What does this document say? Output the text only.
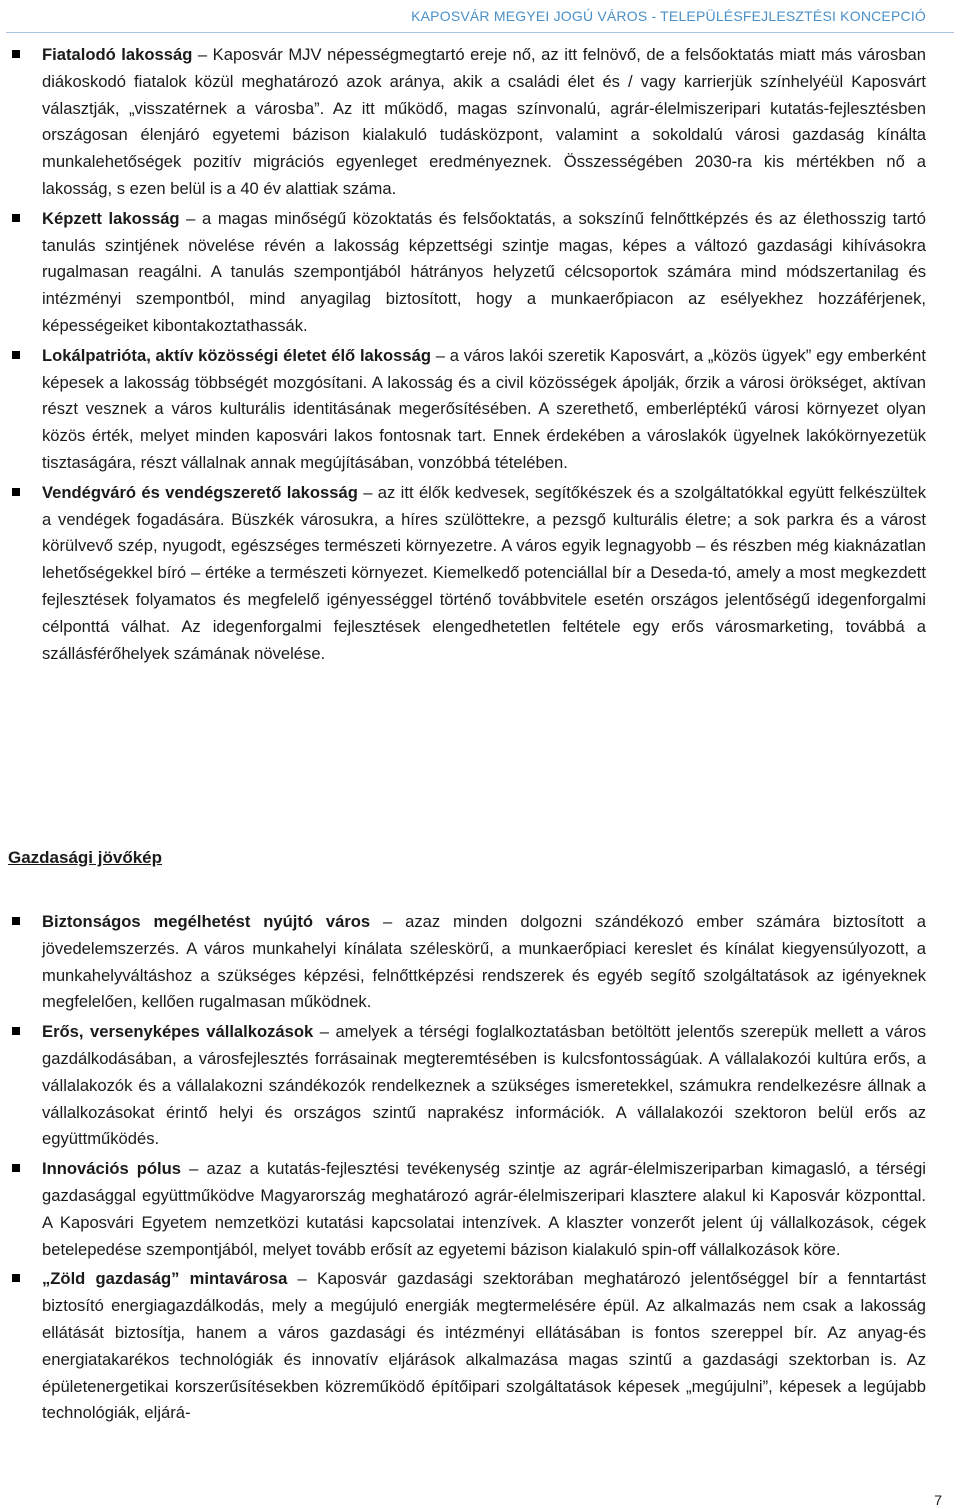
KAPOSVÁR MEGYEI JOGÚ VÁROS - TELEPÜLÉSFEJLESZTÉSI KONCEPCIÓ
Fiatalodó lakosság – Kaposvár MJV népességmegtartó ereje nő, az itt felnövő, de a felsőoktatás miatt más városban diákoskodó fiatalok közül meghatározó azok aránya, akik a családi élet és / vagy karrierjük színhelyéül Kaposvárt választják, „visszatérnek a városba”. Az itt működő, magas színvonalú, agrár-élelmiszeripari kutatás-fejlesztésben országosan élenjáró egyetemi bázison kialakuló tudásközpont, valamint a sokoldalú városi gazdaság kínálta munkalehetőségek pozitív migrációs egyenleget eredményeznek. Összességében 2030-ra kis mértékben nő a lakosság, s ezen belül is a 40 év alattiak száma.
Képzett lakosság – a magas minőségű közoktatás és felsőoktatás, a sokszínű felnőttképzés és az élethosszig tartó tanulás szintjének növelése révén a lakosság képzettségi szintje magas, képes a változó gazdasági kihívásokra rugalmasan reagálni. A tanulás szempontjából hátrányos helyzetű célcsoportok számára mind módszertanilag és intézményi szempontból, mind anyagilag biztosított, hogy a munkaerőpiacon az esélyekhez hozzáférjenek, képességeiket kibontakoztathassák.
Lokálpatrióta, aktív közösségi életet élő lakosság – a város lakói szeretik Kaposvárt, a „közös ügyek” egy emberként képesek a lakosság többségét mozgósítani. A lakosság és a civil közösségek ápolják, őrzik a városi örökséget, aktívan részt vesznek a város kulturális identitásának megerősítésében. A szerethető, emberléptékű városi környezet olyan közös érték, melyet minden kaposvári lakos fontosnak tart. Ennek érdekében a városlakók ügyelnek lakókörnyezetük tisztaságára, részt vállalnak annak megújításában, vonzóbbá tételében.
Vendégváró és vendégszerető lakosság – az itt élők kedvesek, segítőkészek és a szolgáltatókkal együtt felkészültek a vendégek fogadására. Büszkék városukra, a híres szülöttekre, a pezsgő kulturális életre; a sok parkra és a várost körülvevő szép, nyugodt, egészséges természeti környezetre. A város egyik legnagyobb – és részben még kiaknázatlan lehetőségekkel bíró – értéke a természeti környezet. Kiemelkedő potenciállal bír a Deseda-tó, amely a most megkezdett fejlesztések folyamatos és megfelelő igényességgel történő továbbvitele esetén országos jelentőségű idegenforgalmi célponttá válhat. Az idegenforgalmi fejlesztések elengedhetetlen feltétele egy erős városmarketing, továbbá a szállásférőhelyek számának növelése.
Gazdasági jövőkép
Biztonságos megélhetést nyújtó város – azaz minden dolgozni szándékozó ember számára biztosított a jövedelemszerzés. A város munkahelyi kínálata széleskörű, a munkaerőpiaci kereslet és kínálat kiegyensúlyozott, a munkahelyváltáshoz a szükséges képzési, felnőttképzési rendszerek és egyéb segítő szolgáltatások az igényeknek megfelelően, kellően rugalmasan működnek.
Erős, versenyképes vállalkozások – amelyek a térségi foglalkoztatásban betöltött jelentős szerepük mellett a város gazdálkodásában, a városfejlesztés forrásainak megteremtésében is kulcsfontosságúak. A vállalakozói kultúra erős, a vállalakozók és a vállalakozni szándékozók rendelkeznek a szükséges ismeretekkel, számukra rendelkezésre állnak a vállalkozásokat érintő helyi és országos szintű naprakész információk. A vállalakozói szektoron belül erős az együttműködés.
Innovációs pólus – azaz a kutatás-fejlesztési tevékenység szintje az agrár-élelmiszeriparban kimagasló, a térségi gazdasággal együttműködve Magyarország meghatározó agrár-élelmiszeripari klasztere alakul ki Kaposvár központtal. A Kaposvári Egyetem nemzetközi kutatási kapcsolatai intenzívek. A klaszter vonzerőt jelent új vállalkozások, cégek betelepedése szempontjából, melyet tovább erősít az egyetemi bázison kialakuló spin-off vállalkozások köre.
„Zöld gazdaság” mintavárosa – Kaposvár gazdasági szektorában meghatározó jelentőséggel bír a fenntartást biztosító energiagazdálkodás, mely a megújuló energiák megtermelésére épül. Az alkalmazás nem csak a lakosság ellátását biztosítja, hanem a város gazdasági és intézményi ellátásában is fontos szereppel bír. Az anyag-és energiatakarékos technológiák és innovatív eljárások alkalmazása magas szintű a gazdasági szektorban is. Az épületenergetikai korszerűsítésekben közreműködő építőipari szolgáltatások képesek „megújulni”, képesek a legújabb technológiák, eljárá-
7
